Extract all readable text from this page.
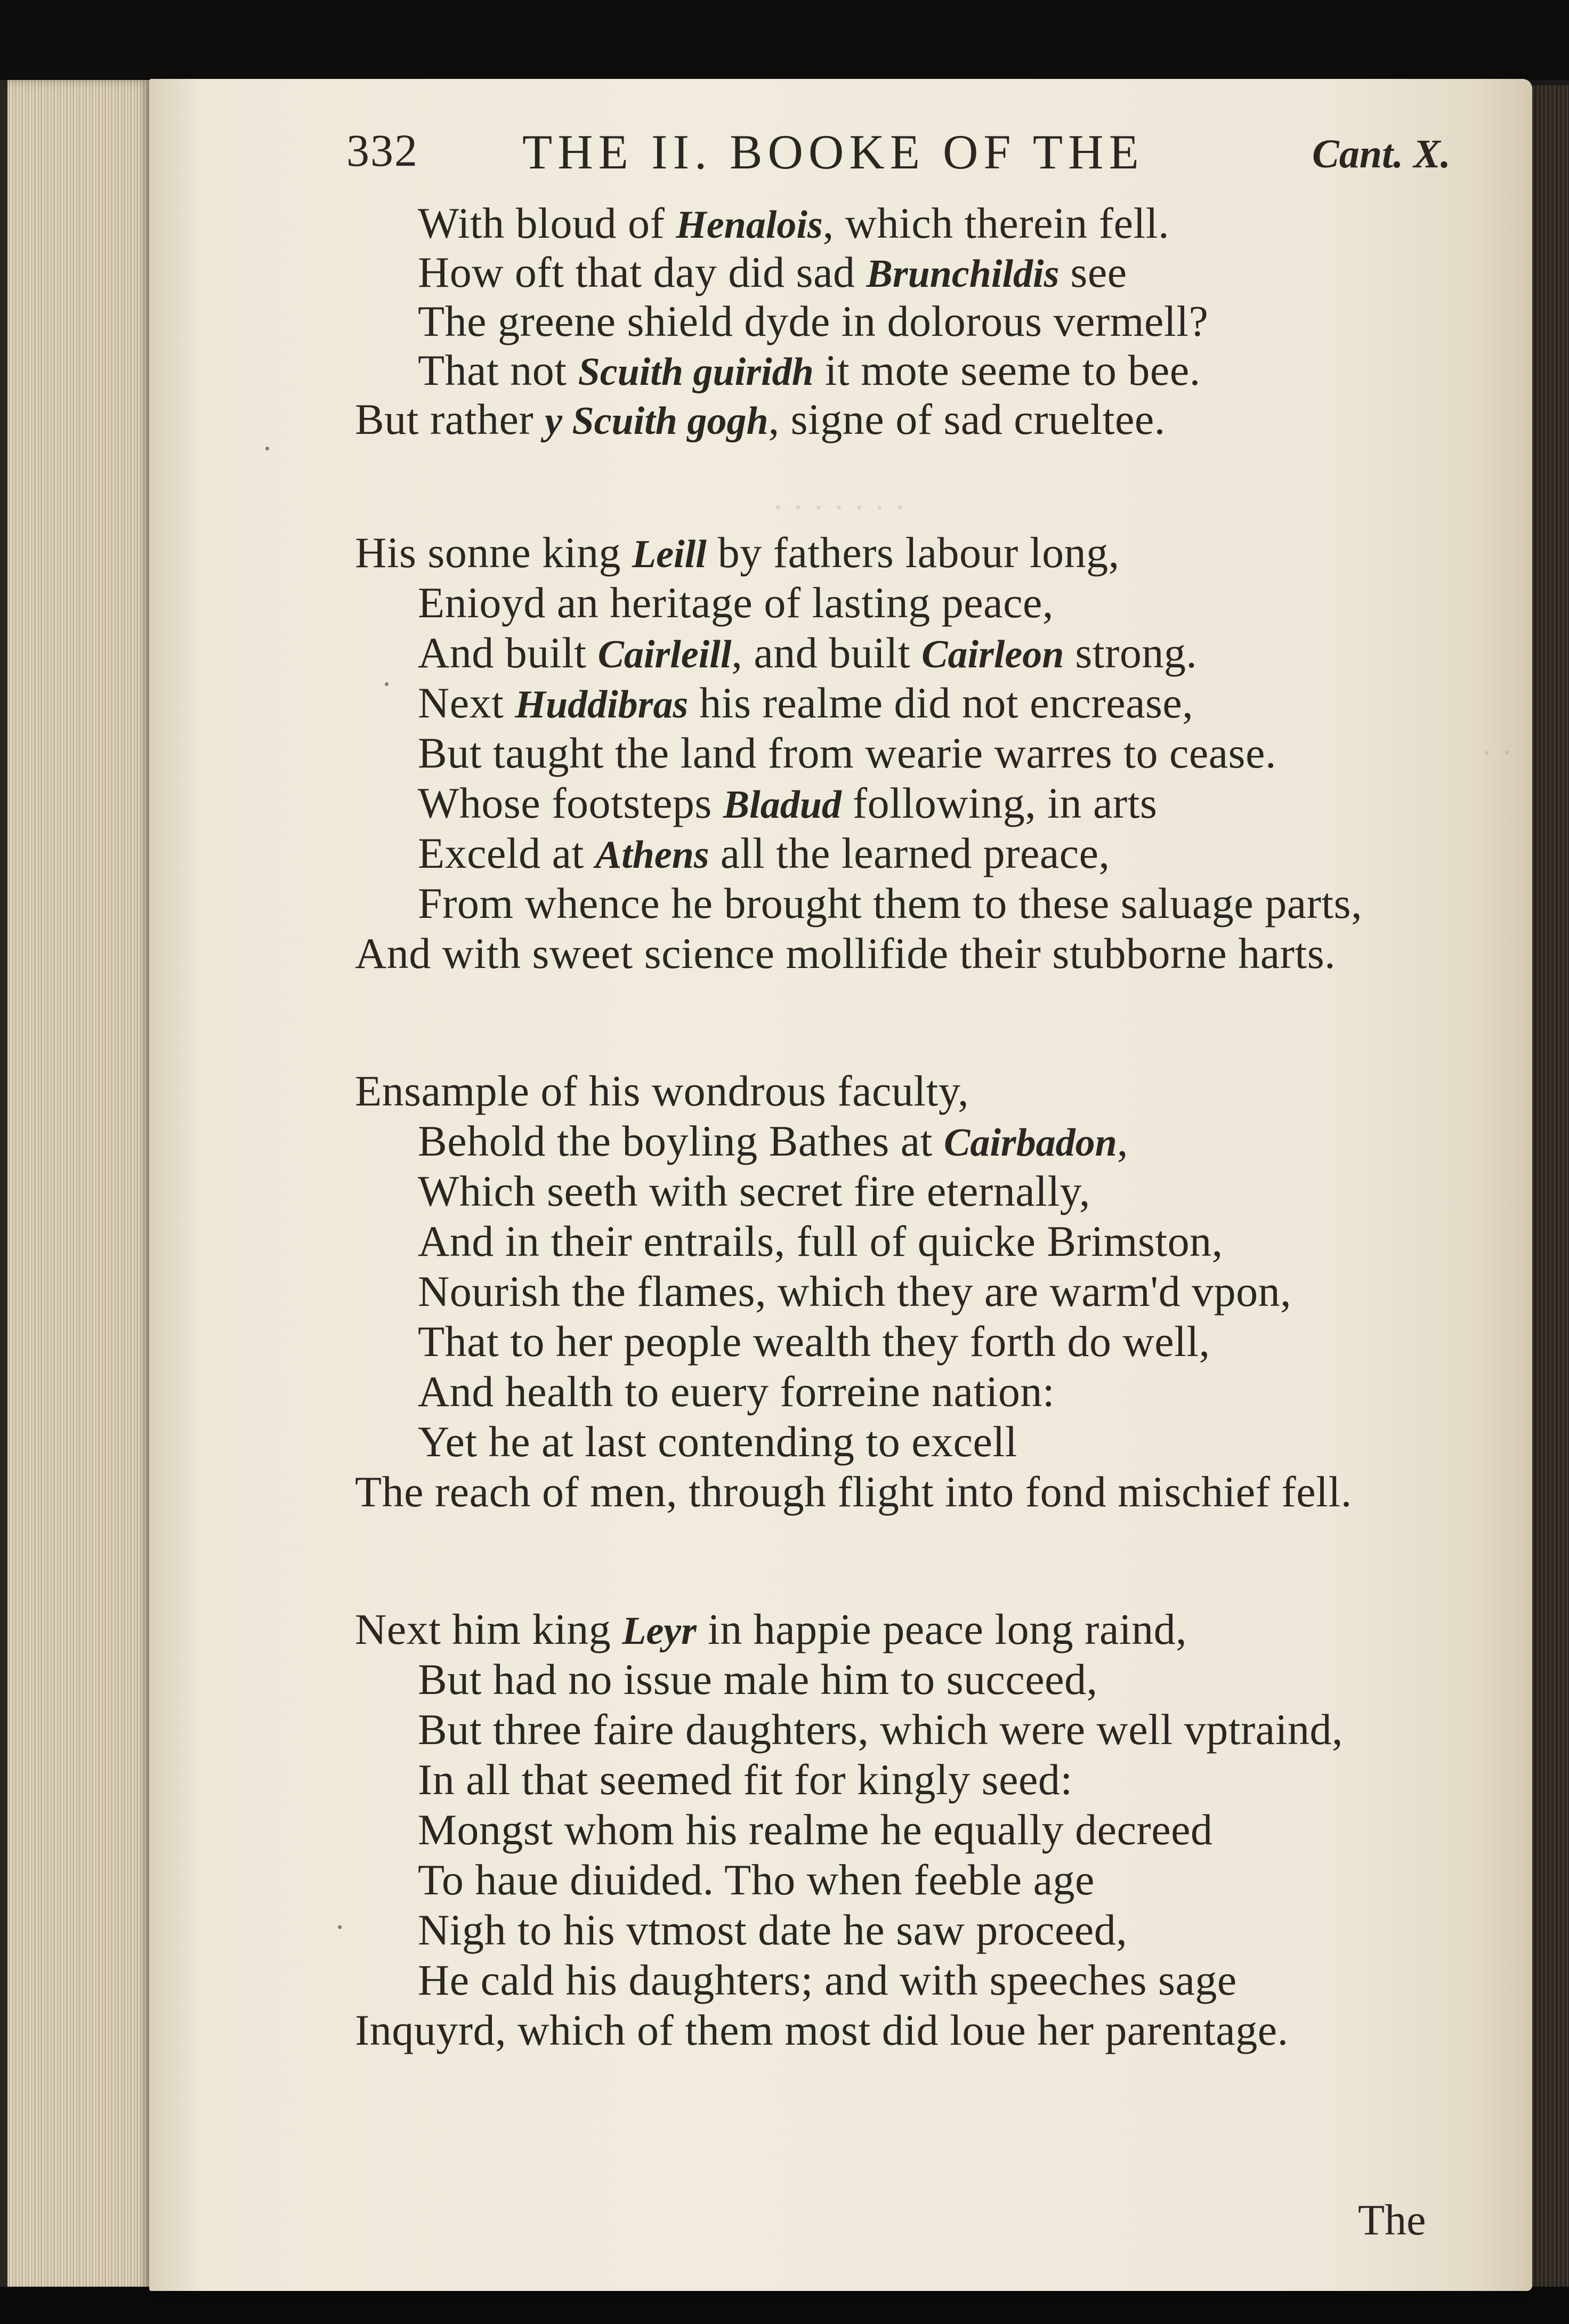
· · · · · · ·
· ·
332 THE II. BOOKE OF THE	Cant. X.
With bloud of Henalois, which therein fell.
How oft that day did sad Brunchildis see
The greene shield dyde in dolorous vermell?
That not Scuith guiridh it mote seeme to bee.
But rather y Scuith gogh, signe of sad crueltee.
His sonne king Leill by fathers labour long,
Enioyd an heritage of lasting peace,
And built Cairleill, and built Cairleon strong.
Next Huddibras his realme did not encrease,
But taught the land from wearie warres to cease.
Whose footsteps Bladud following, in arts
Exceld at Athens all the learned preace,
From whence he brought them to these saluage parts,
And with sweet science mollifide their stubborne harts.
Ensample of his wondrous faculty,
Behold the boyling Bathes at Cairbadon,
Which seeth with secret fire eternally,
And in their entrails, full of quicke Brimston,
Nourish the flames, which they are warm'd vpon,
That to her people wealth they forth do well,
And health to euery forreine nation:
Yet he at last contending to excell
The reach of men, through flight into fond mischief fell.
Next him king Leyr in happie peace long raind,
But had no issue male him to succeed,
But three faire daughters, which were well vptraind,
In all that seemed fit for kingly seed:
Mongst whom his realme he equally decreed
To haue diuided. Tho when feeble age
Nigh to his vtmost date he saw proceed,
He cald his daughters; and with speeches sage
Inquyrd, which of them most did loue her parentage.
The
